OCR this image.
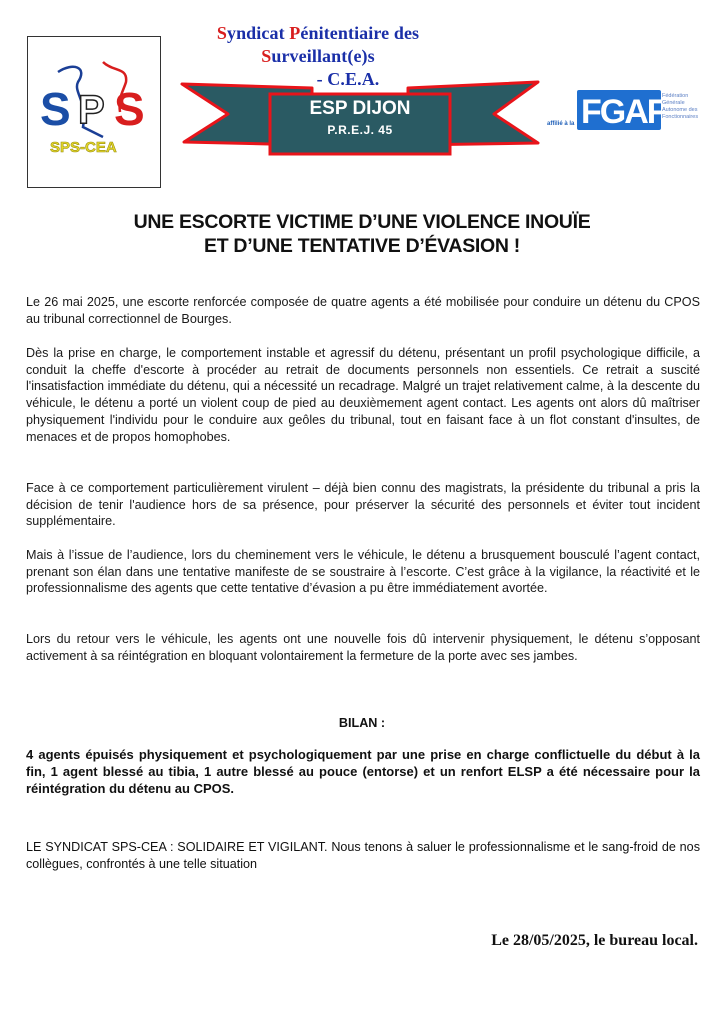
S P S
SPS-CEA
Syndicat Pénitentiaire des Surveillant(e)s
- C.E.A.
ESP DIJON
P.R.E.J. 45	affilié à la FGAF
Fédération
Générale
Autonome des
Fonctionnaires
UNE ESCORTE VICTIME D’UNE VIOLENCE INOUÏE
ET D’UNE TENTATIVE D’ÉVASION !
Le 26 mai 2025, une escorte renforcée composée de quatre agents a été mobilisée pour conduire un détenu du CPOS au tribunal correctionnel de Bourges.
Dès la prise en charge, le comportement instable et agressif du détenu, présentant un profil psychologique difficile, a conduit la cheffe d'escorte à procéder au retrait de documents personnels non essentiels. Ce retrait a suscité l'insatisfaction immédiate du détenu, qui a nécessité un recadrage. Malgré un trajet relativement calme, à la descente du véhicule, le détenu a porté un violent coup de pied au deuxièmement agent contact. Les agents ont alors dû maîtriser physiquement l'individu pour le conduire aux geôles du tribunal, tout en faisant face à un flot constant d'insultes, de menaces et de propos homophobes.
Face à ce comportement particulièrement virulent – déjà bien connu des magistrats, la présidente du tribunal a pris la décision de tenir l'audience hors de sa présence, pour préserver la sécurité des personnels et éviter tout incident supplémentaire.
Mais à l’issue de l’audience, lors du cheminement vers le véhicule, le détenu a brusquement bousculé l’agent contact, prenant son élan dans une tentative manifeste de se soustraire à l’escorte. C’est grâce à la vigilance, la réactivité et le professionnalisme des agents que cette tentative d’évasion a pu être immédiatement avortée.
Lors du retour vers le véhicule, les agents ont une nouvelle fois dû intervenir physiquement, le détenu s’opposant activement à sa réintégration en bloquant volontairement la fermeture de la porte avec ses jambes.
BILAN :
4 agents épuisés physiquement et psychologiquement par une prise en charge conflictuelle du début à la fin, 1 agent blessé au tibia, 1 autre blessé au pouce (entorse) et un renfort ELSP a été nécessaire pour la réintégration du détenu au CPOS.
LE SYNDICAT SPS-CEA : SOLIDAIRE ET VIGILANT. Nous tenons à saluer le professionnalisme et le sang-froid de nos collègues, confrontés à une telle situation
Le 28/05/2025, le bureau local.
